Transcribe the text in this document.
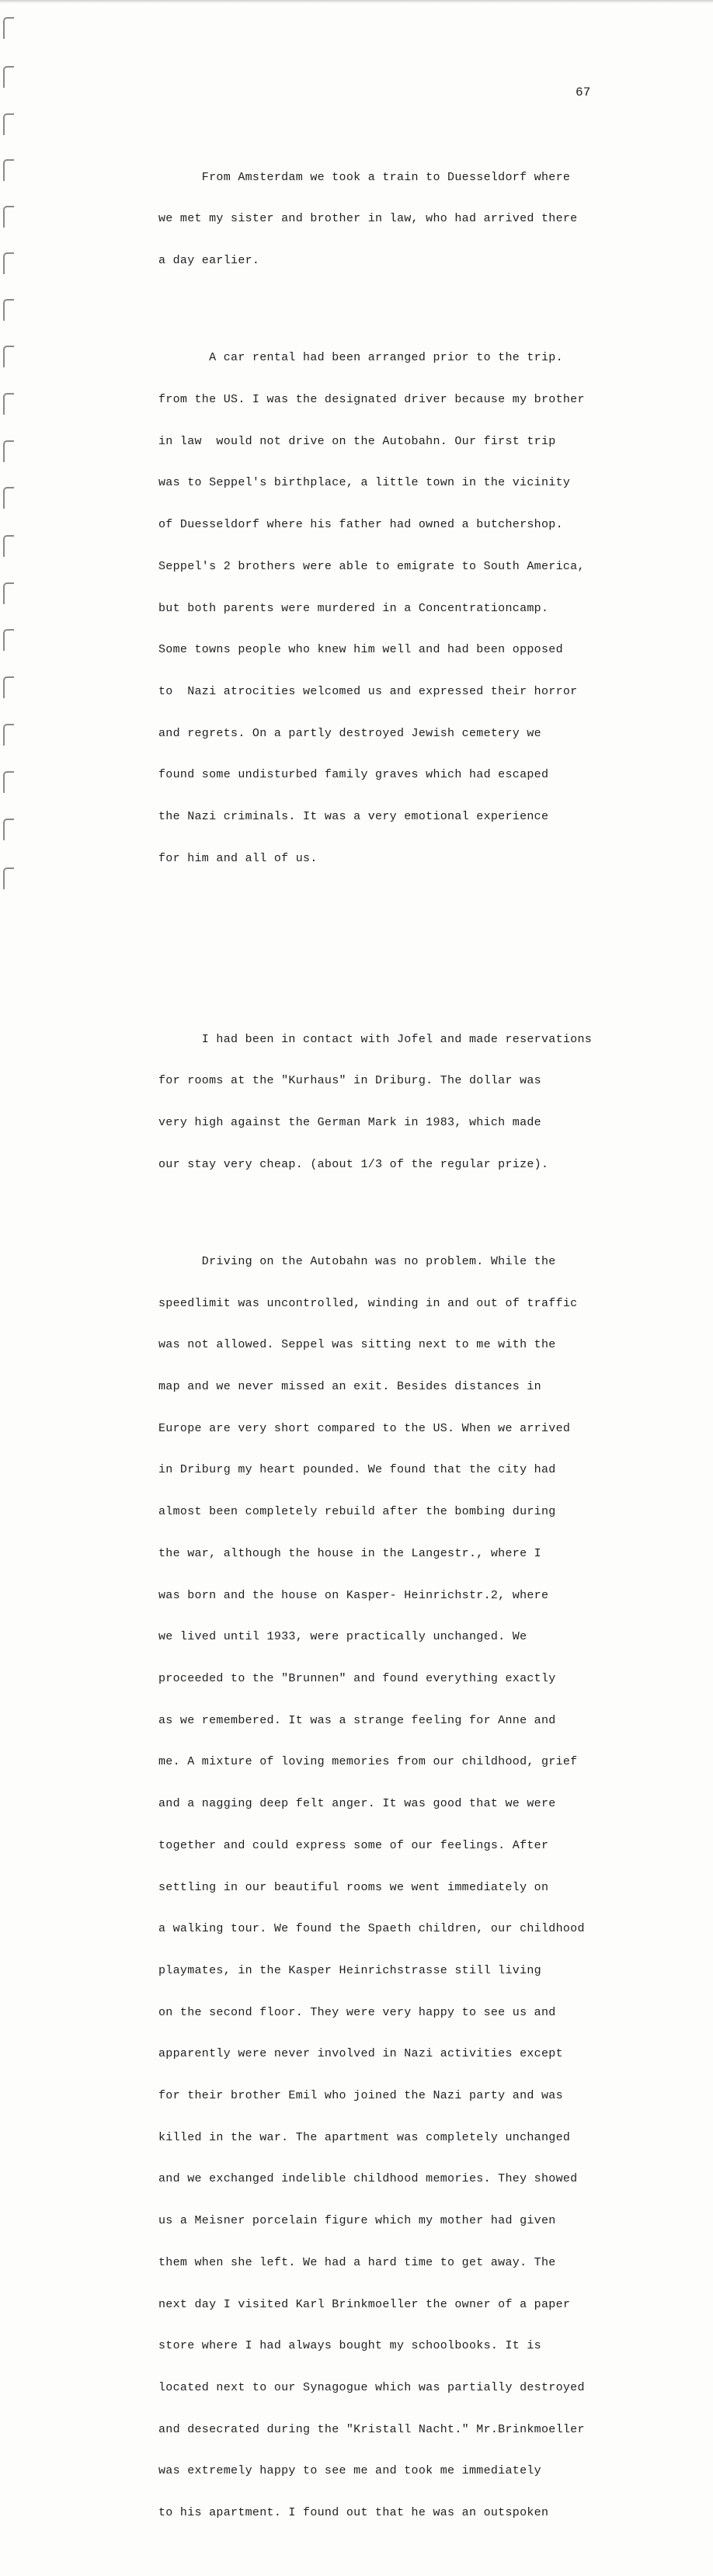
67

From Amsterdam we took a train to Duesseldorf where

we met my sister and brother in law, who had arrived there

a day earlier.

A car rental had been arranged prior to the trip.

from the US. I was the designated driver because my brother

in law  would not drive on the Autobahn. Our first trip

was to Seppel's birthplace, a little town in the vicinity

of Duesseldorf where his father had owned a butchershop.

Seppel's 2 brothers were able to emigrate to South America,

but both parents were murdered in a Concentrationcamp.

Some towns people who knew him well and had been opposed

to  Nazi atrocities welcomed us and expressed their horror

and regrets. On a partly destroyed Jewish cemetery we

found some undisturbed family graves which had escaped

the Nazi criminals. It was a very emotional experience

for him and all of us.

I had been in contact with Jofel and made reservations

for rooms at the "Kurhaus" in Driburg. The dollar was

very high against the German Mark in 1983, which made

our stay very cheap. (about 1/3 of the regular prize).

Driving on the Autobahn was no problem. While the

speedlimit was uncontrolled, winding in and out of traffic

was not allowed. Seppel was sitting next to me with the

map and we never missed an exit. Besides distances in

Europe are very short compared to the US. When we arrived

in Driburg my heart pounded. We found that the city had

almost been completely rebuild after the bombing during

the war, although the house in the Langestr., where I

was born and the house on Kasper- Heinrichstr.2, where

we lived until 1933, were practically unchanged. We

proceeded to the "Brunnen" and found everything exactly

as we remembered. It was a strange feeling for Anne and

me. A mixture of loving memories from our childhood, grief

and a nagging deep felt anger. It was good that we were

together and could express some of our feelings. After

settling in our beautiful rooms we went immediately on

a walking tour. We found the Spaeth children, our childhood

playmates, in the Kasper Heinrichstrasse still living

on the second floor. They were very happy to see us and

apparently were never involved in Nazi activities except

for their brother Emil who joined the Nazi party and was

killed in the war. The apartment was completely unchanged

and we exchanged indelible childhood memories. They showed

us a Meisner porcelain figure which my mother had given

them when she left. We had a hard time to get away. The

next day I visited Karl Brinkmoeller the owner of a paper

store where I had always bought my schoolbooks. It is

located next to our Synagogue which was partially destroyed

and desecrated during the "Kristall Nacht." Mr.Brinkmoeller

was extremely happy to see me and took me immediately

to his apartment. I found out that he was an outspoken
